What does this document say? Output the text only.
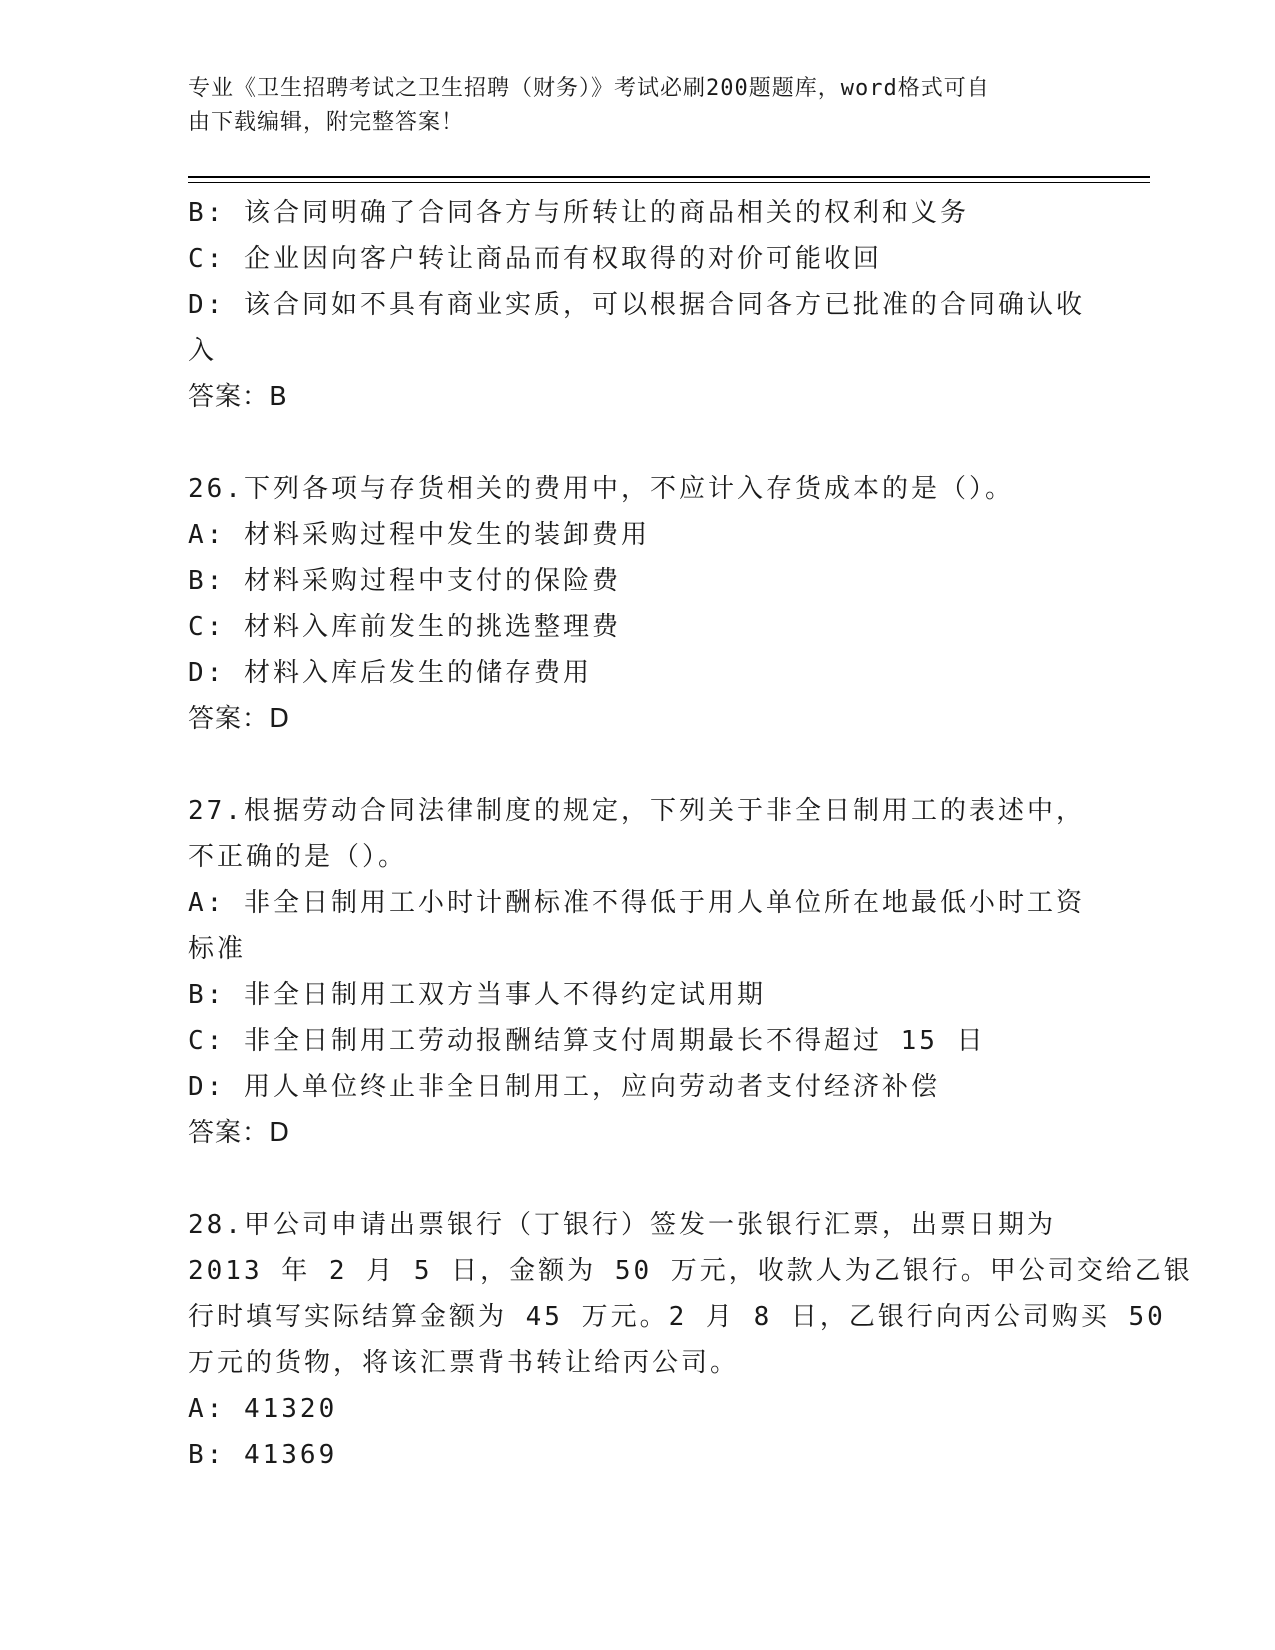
专业《卫生招聘考试之卫生招聘（财务）》考试必刷200题题库，word格式可自
由下载编辑，附完整答案！
B: 该合同明确了合同各方与所转让的商品相关的权利和义务
C: 企业因向客户转让商品而有权取得的对价可能收回
D: 该合同如不具有商业实质，可以根据合同各方已批准的合同确认收
入
答案：B
26.下列各项与存货相关的费用中，不应计入存货成本的是（）。
A: 材料采购过程中发生的装卸费用
B: 材料采购过程中支付的保险费
C: 材料入库前发生的挑选整理费
D: 材料入库后发生的储存费用
答案：D
27.根据劳动合同法律制度的规定，下列关于非全日制用工的表述中，
不正确的是（）。
A: 非全日制用工小时计酬标准不得低于用人单位所在地最低小时工资
标准
B: 非全日制用工双方当事人不得约定试用期
C: 非全日制用工劳动报酬结算支付周期最长不得超过 15 日
D: 用人单位终止非全日制用工，应向劳动者支付经济补偿
答案：D
28.甲公司申请出票银行（丁银行）签发一张银行汇票，出票日期为
2013 年 2 月 5 日，金额为 50 万元，收款人为乙银行。甲公司交给乙银
行时填写实际结算金额为 45 万元。2 月 8 日，乙银行向丙公司购买 50
万元的货物，将该汇票背书转让给丙公司。
A: 41320
B: 41369
